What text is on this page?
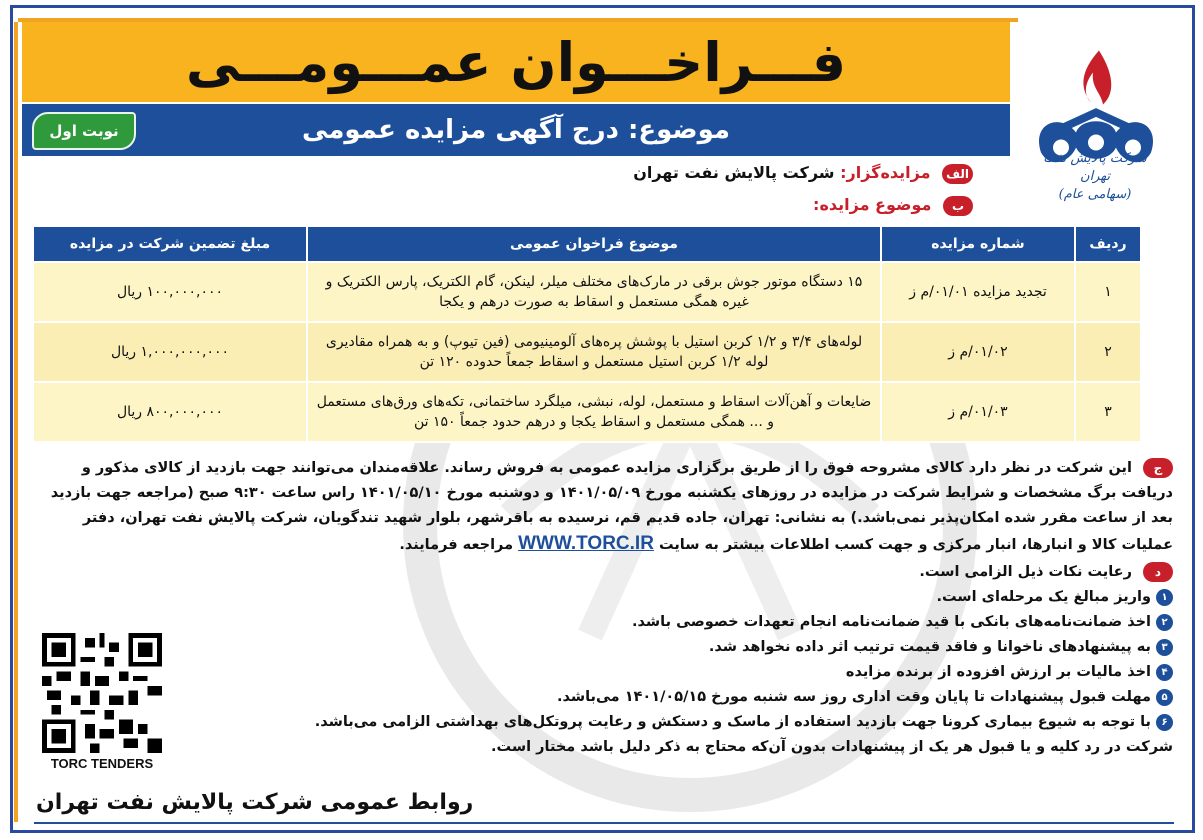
فـــراخـــوان عمـــومـــی
موضوع: درج آگهی مزایده عمومی
نوبت اول
شرکت پالایش نفت تهران
(سهامی عام)
الف مزایده‌گزار: شرکت پالایش نفت تهران
ب موضوع مزایده:
ردیف	شماره مزایده	موضوع فراخوان عمومی	مبلغ تضمین شرکت در مزایده
۱	تجدید مزایده ۰۱/۰۱/م ز	۱۵ دستگاه موتور جوش برقی در مارک‌های مختلف میلر، لینکن، گام الکتریک، پارس الکتریک و غیره همگی مستعمل و اسقاط به صورت درهم و یکجا	۱۰۰,۰۰۰,۰۰۰ ریال
۲	۰۱/۰۲/م ز	لوله‌های ۳/۴ و ۱/۲ کربن استیل با پوشش پره‌های آلومینیومی (فین تیوپ) و به همراه مقادیری لوله ۱/۲ کربن استیل مستعمل و اسقاط جمعاً حدوده ۱۲۰ تن	۱,۰۰۰,۰۰۰,۰۰۰ ریال
۳	۰۱/۰۳/م ز	ضایعات و آهن‌آلات اسقاط و مستعمل، لوله، نبشی، میلگرد ساختمانی، تکه‌های ورق‌های مستعمل و ... همگی مستعمل و اسقاط یکجا و درهم حدود جمعاً ۱۵۰ تن	۸۰۰,۰۰۰,۰۰۰ ریال

ج این شرکت در نظر دارد کالای مشروحه فوق را از طریق برگزاری مزایده عمومی به فروش رساند. علاقه‌مندان می‌توانند جهت بازدید از کالای مذکور و دریافت برگ مشخصات و شرایط شرکت در مزایده در روزهای یکشنبه مورخ ۱۴۰۱/۰۵/۰۹ و دوشنبه مورخ ۱۴۰۱/۰۵/۱۰ راس ساعت ۹:۳۰ صبح (مراجعه جهت بازدید بعد از ساعت مقرر شده امکان‌پذیر نمی‌باشد.) به نشانی: تهران، جاده قدیم قم، نرسیده به باقرشهر، بلوار شهید تندگویان، شرکت پالایش نفت تهران، دفتر عملیات کالا و انبارها، انبار مرکزی و جهت کسب اطلاعات بیشتر به سایت WWW.TORC.IR مراجعه فرمایند.

د رعایت نکات ذیل الزامی است.

۱واریز مبالغ یک مرحله‌ای است.

۲اخذ ضمانت‌نامه‌های بانکی با قید ضمانت‌نامه انجام تعهدات خصوصی باشد.

۳به پیشنهادهای ناخوانا و فاقد قیمت ترتیب اثر داده نخواهد شد.

۴اخذ مالیات بر ارزش افزوده از برنده مزایده

۵مهلت قبول پیشنهادات تا پایان وقت اداری روز سه شنبه مورخ ۱۴۰۱/۰۵/۱۵ می‌باشد.

۶با توجه به شیوع بیماری کرونا جهت بازدید استفاده از ماسک و دستکش و رعایت پروتکل‌های بهداشتی الزامی می‌باشد.

شرکت در رد کلیه و یا قبول هر یک از پیشنهادات بدون آن‌که محتاج به ذکر دلیل باشد مختار است.

TORC TENDERS
روابط عمومی شرکت پالایش نفت تهران
